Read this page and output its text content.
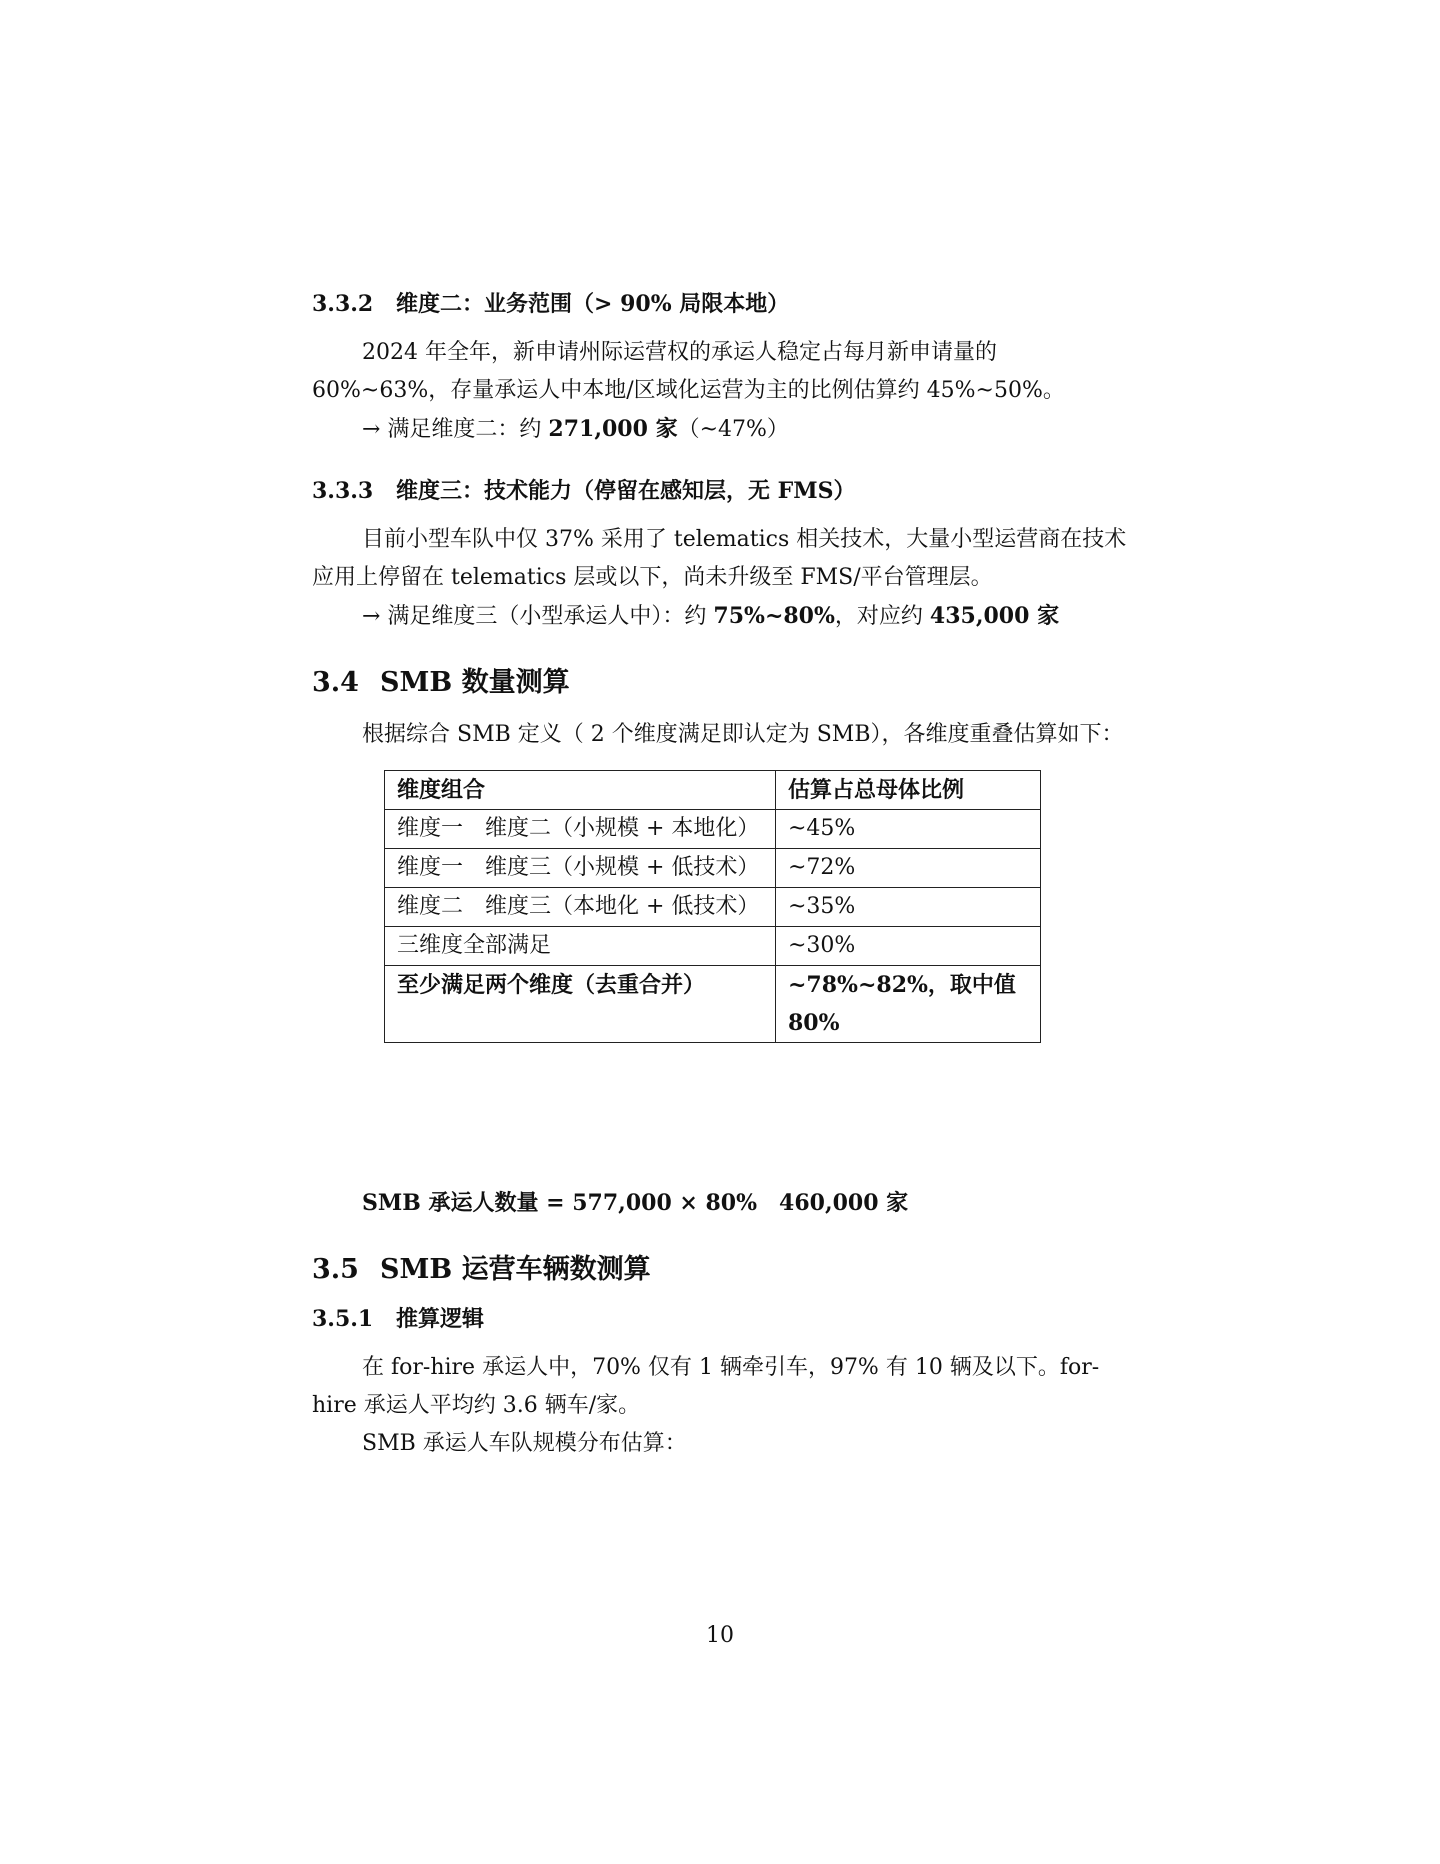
3.3.2 维度二：业务范围（> 90% 局限本地）

2024 年全年，新申请州际运营权的承运人稳定占每月新申请量的 60%~63%，存量承运人中本地/区域化运营为主的比例估算约 45%~50%。

→ 满足维度二：约 271,000 家（~47%）
3.3.3 维度三：技术能力（停留在感知层，无 FMS）

目前小型车队中仅 37% 采用了 telematics 相关技术，大量小型运营商在技术应用上停留在 telematics 层或以下，尚未升级至 FMS/平台管理层。

→ 满足维度三（小型承运人中）：约 75%~80%，对应约 435,000 家
3.4 SMB 数量测算

根据综合 SMB 定义（ 2 个维度满足即认定为 SMB），各维度重叠估算如下：

维度组合	估算占总母体比例
维度一　维度二（小规模 + 本地化）	~45%
维度一　维度三（小规模 + 低技术）	~72%
维度二　维度三（本地化 + 低技术）	~35%
三维度全部满足	~30%
至少满足两个维度（去重合并）	~78%~82%，取中值 80%
SMB 承运人数量 = 577,000 × 80%　460,000 家
3.5 SMB 运营车辆数测算
3.5.1 推算逻辑

在 for-hire 承运人中，70% 仅有 1 辆牵引车，97% 有 10 辆及以下。for-hire 承运人平均约 3.6 辆车/家。

SMB 承运人车队规模分布估算：
10
